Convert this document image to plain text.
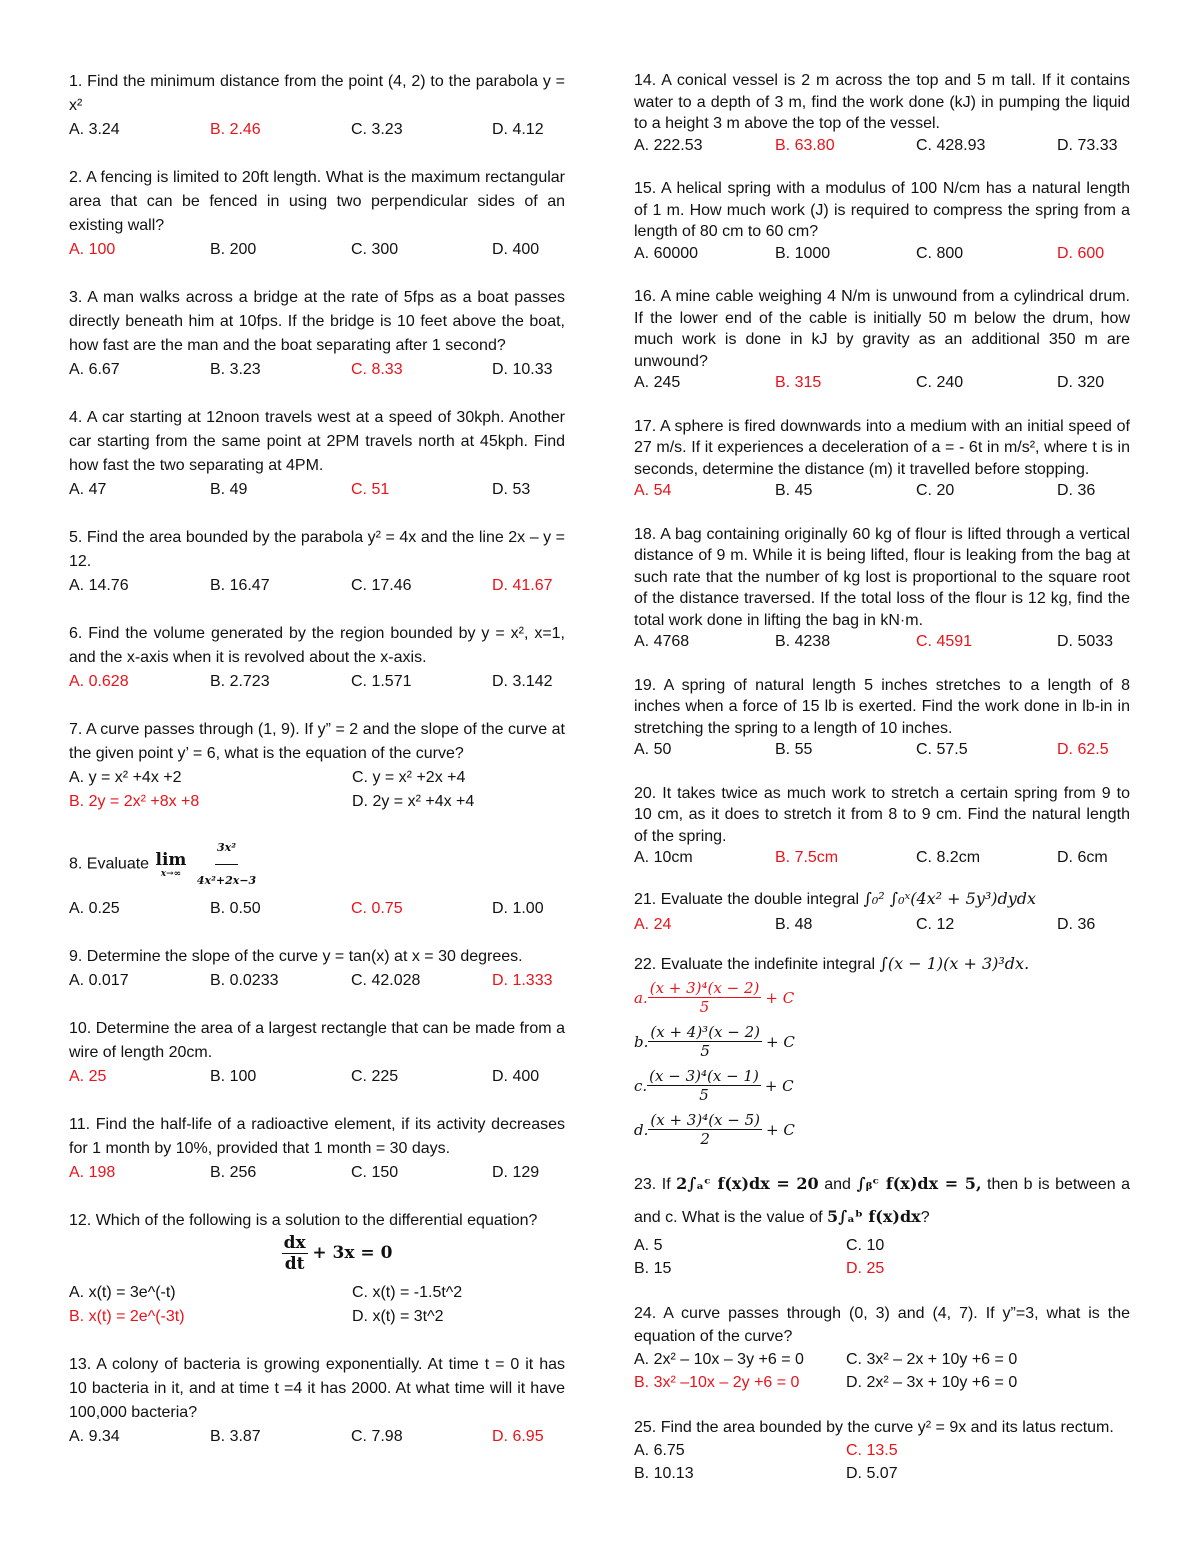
1. Find the minimum distance from the point (4, 2) to the parabola y = x²
A. 3.24	B. 2.46	C. 3.23	D. 4.12
2. A fencing is limited to 20ft length. What is the maximum rectangular area that can be fenced in using two perpendicular sides of an existing wall?
A. 100	B. 200	C. 300	D. 400
3. A man walks across a bridge at the rate of 5fps as a boat passes directly beneath him at 10fps. If the bridge is 10 feet above the boat, how fast are the man and the boat separating after 1 second?
A. 6.67	B. 3.23	C. 8.33	D. 10.33
4. A car starting at 12noon travels west at a speed of 30kph. Another car starting from the same point at 2PM travels north at 45kph. Find how fast the two separating at 4PM.
A. 47	B. 49	C. 51	D. 53
5. Find the area bounded by the parabola y² = 4x and the line 2x – y = 12.
A. 14.76	B. 16.47	C. 17.46	D. 41.67
6. Find the volume generated by the region bounded by y = x², x=1, and the x-axis when it is revolved about the x-axis.
A. 0.628	B. 2.723	C. 1.571	D. 3.142
7. A curve passes through (1, 9). If y” = 2 and the slope of the curve at the given point y’ = 6, what is the equation of the curve?
A. y = x² +4x +2	C. y = x² +2x +4
B. 2y = 2x² +8x +8	D. 2y = x² +4x +4
8. Evaluate lim
x→∞
$\frac{\text{3x²}}{\text{4x²+2x−3}}$
A. 0.25	B. 0.50	C. 0.75	D. 1.00
9. Determine the slope of the curve y = tan(x) at x = 30 degrees.
A. 0.017	B. 0.0233	C. 42.028	D. 1.333
10. Determine the area of a largest rectangle that can be made from a wire of length 20cm.
A. 25	B. 100	C. 225	D. 400
11. Find the half-life of a radioactive element, if its activity decreases for 1 month by 10%, provided that 1 month = 30 days.
A. 198	B. 256	C. 150	D. 129
12. Which of the following is a solution to the differential equation?
$\frac{dx}{dt} + 3x = 0$
A. x(t) = 3e^(-t)	C. x(t) = -1.5t^2
B. x(t) = 2e^(-3t)	D. x(t) = 3t^2
13. A colony of bacteria is growing exponentially. At time t = 0 it has 10 bacteria in it, and at time t =4 it has 2000. At what time will it have 100,000 bacteria?
A. 9.34	B. 3.87	C. 7.98	D. 6.95
14. A conical vessel is 2 m across the top and 5 m tall. If it contains water to a depth of 3 m, find the work done (kJ) in pumping the liquid to a height 3 m above the top of the vessel.
A. 222.53	B. 63.80	C. 428.93	D. 73.33
15. A helical spring with a modulus of 100 N/cm has a natural length of 1 m. How much work (J) is required to compress the spring from a length of 80 cm to 60 cm?
A. 60000	B. 1000	C. 800	D. 600
16. A mine cable weighing 4 N/m is unwound from a cylindrical drum. If the lower end of the cable is initially 50 m below the drum, how much work is done in kJ by gravity as an additional 350 m are unwound?
A. 245	B. 315	C. 240	D. 320
17. A sphere is fired downwards into a medium with an initial speed of 27 m/s. If it experiences a deceleration of a = - 6t in m/s², where t is in seconds, determine the distance (m) it travelled before stopping.
A. 54	B. 45	C. 20	D. 36
18. A bag containing originally 60 kg of flour is lifted through a vertical distance of 9 m. While it is being lifted, flour is leaking from the bag at such rate that the number of kg lost is proportional to the square root of the distance traversed. If the total loss of the flour is 12 kg, find the total work done in lifting the bag in kN·m.
A. 4768	B. 4238	C. 4591	D. 5033
19. A spring of natural length 5 inches stretches to a length of 8 inches when a force of 15 lb is exerted. Find the work done in lb-in in stretching the spring to a length of 10 inches.
A. 50	B. 55	C. 57.5	D. 62.5
20. It takes twice as much work to stretch a certain spring from 9 to 10 cm, as it does to stretch it from 8 to 9 cm. Find the natural length of the spring.
A. 10cm	B. 7.5cm	C. 8.2cm	D. 6cm
21. Evaluate the double integral ∫₀² ∫₀ˣ(4x² + 5y³)dydx
A. 24	B. 48	C. 12	D. 36
22. Evaluate the indefinite integral ∫(x − 1)(x + 3)³dx.
a. $\frac{\text{(x + 3)⁴(x − 2)}}{5} + C$
b. $\frac{\text{(x + 4)³(x − 2)}}{5} + C$
c. $\frac{\text{(x − 3)⁴(x − 1)}}{5} + C$
d. $\frac{\text{(x + 3)⁴(x − 5)}}{2} + C$
23. If 2∫ₐᶜ f(x)dx = 20 and ∫ᵦᶜ f(x)dx = 5, then b is between a and c. What is the value of 5∫ₐᵇ f(x)dx?
A. 5	C. 10
B. 15	D. 25
24. A curve passes through (0, 3) and (4, 7). If y”=3, what is the equation of the curve?
A. 2x² – 10x – 3y +6 = 0	C. 3x² – 2x + 10y +6 = 0
B. 3x² –10x – 2y +6 = 0	D. 2x² – 3x + 10y +6 = 0
25. Find the area bounded by the curve y² = 9x and its latus rectum.
A. 6.75	C. 13.5
B. 10.13	D. 5.07
